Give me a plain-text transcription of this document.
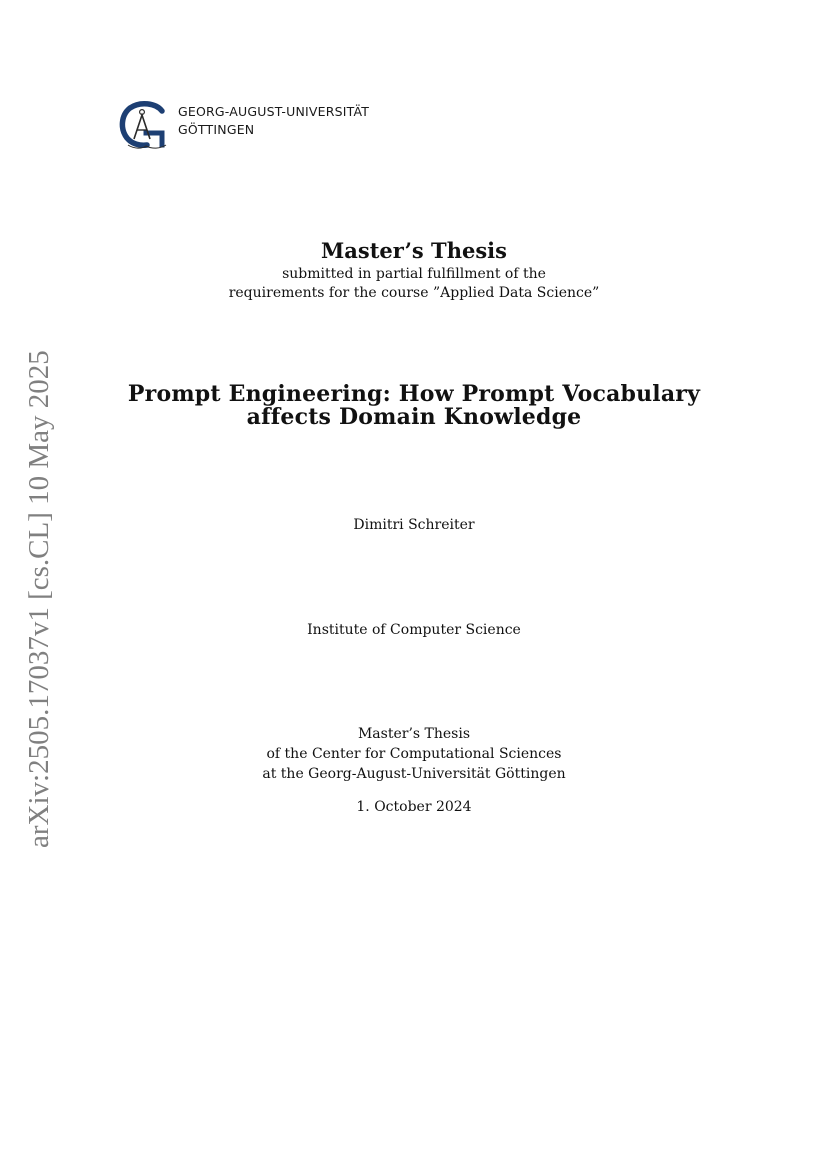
GEORG-AUGUST-UNIVERSITÄT
GÖTTINGEN
arXiv:2505.17037v1 [cs.CL] 10 May 2025
Master’s Thesis
submitted in partial fulfillment of the
requirements for the course ”Applied Data Science”
Prompt Engineering: How Prompt Vocabulary
affects Domain Knowledge
Dimitri Schreiter
Institute of Computer Science
Master’s Thesis
of the Center for Computational Sciences
at the Georg-August-Universität Göttingen
1. October 2024
